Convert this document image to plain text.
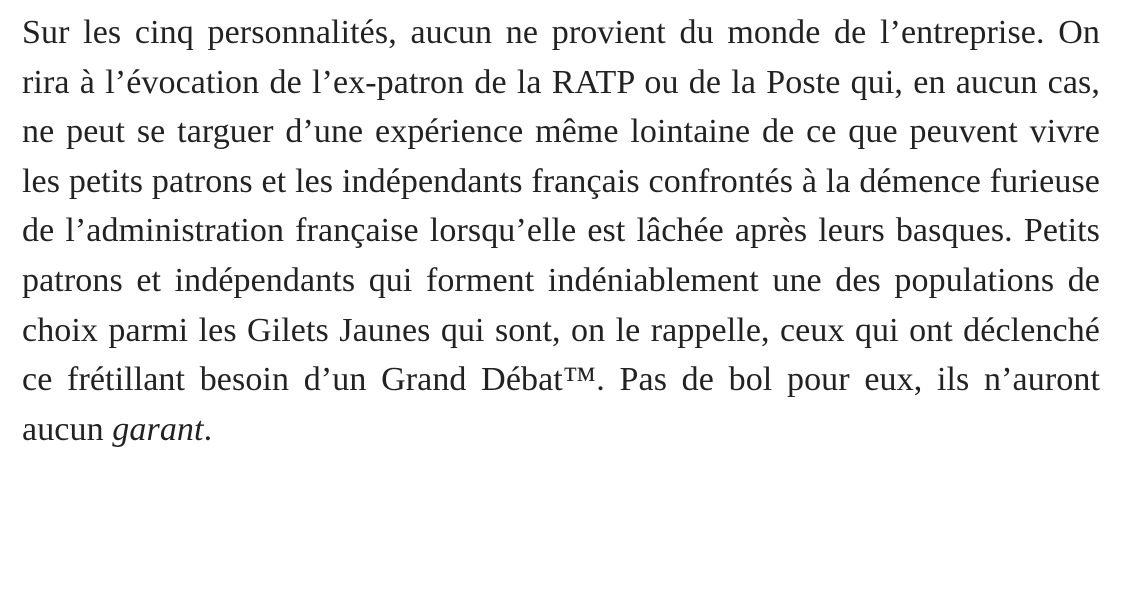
Sur les cinq personnalités, aucun ne provient du monde de l’entreprise. On rira à l’évocation de l’ex-patron de la RATP ou de la Poste qui, en aucun cas, ne peut se targuer d’une expérience même lointaine de ce que peuvent vivre les petits patrons et les indépendants français confrontés à la démence furieuse de l’administration française lorsqu’elle est lâchée après leurs basques. Petits patrons et indépendants qui forment indéniablement une des populations de choix parmi les Gilets Jaunes qui sont, on le rappelle, ceux qui ont déclenché ce frétillant besoin d’un Grand Débat™. Pas de bol pour eux, ils n’auront aucun garant.
